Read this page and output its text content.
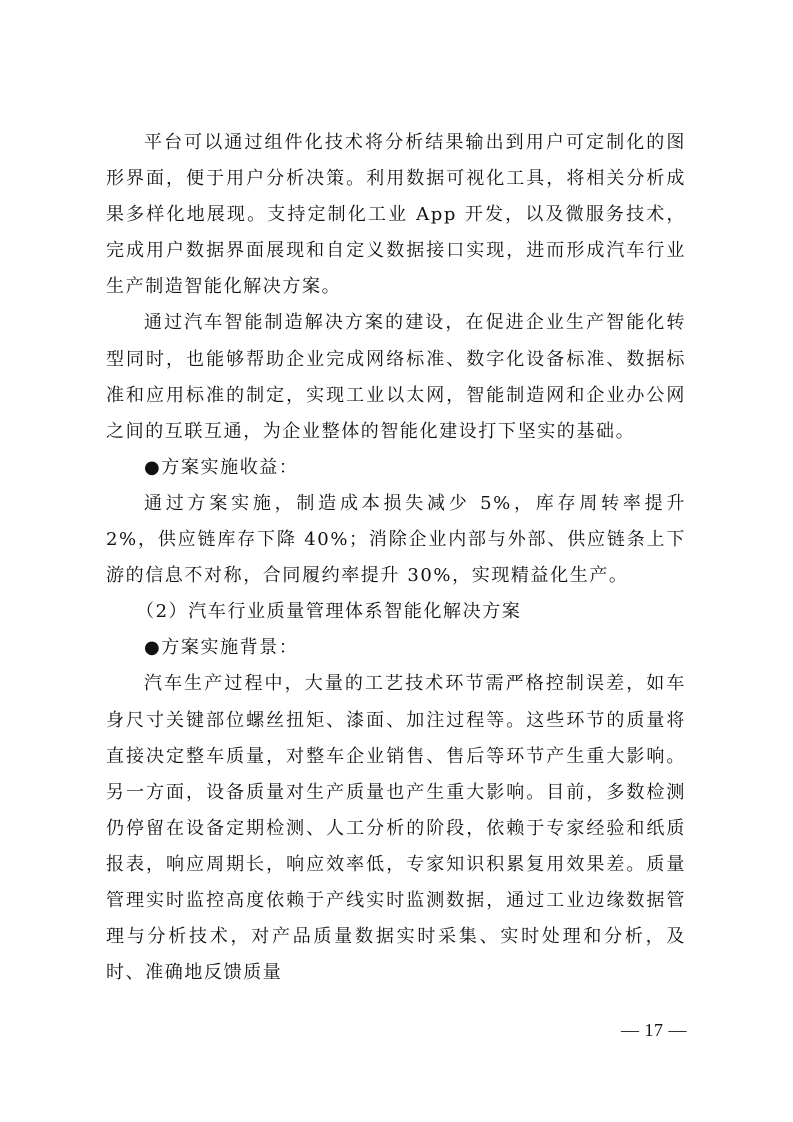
平台可以通过组件化技术将分析结果输出到用户可定制化的图形界面，便于用户分析决策。利用数据可视化工具，将相关分析成果多样化地展现。支持定制化工业 App 开发，以及微服务技术，完成用户数据界面展现和自定义数据接口实现，进而形成汽车行业生产制造智能化解决方案。

通过汽车智能制造解决方案的建设，在促进企业生产智能化转型同时，也能够帮助企业完成网络标准、数字化设备标准、数据标准和应用标准的制定，实现工业以太网，智能制造网和企业办公网之间的互联互通，为企业整体的智能化建设打下坚实的基础。

●方案实施收益：

通过方案实施，制造成本损失减少 5%，库存周转率提升 2%，供应链库存下降 40%；消除企业内部与外部、供应链条上下游的信息不对称，合同履约率提升 30%，实现精益化生产。

（2）汽车行业质量管理体系智能化解决方案

●方案实施背景：

汽车生产过程中，大量的工艺技术环节需严格控制误差，如车身尺寸关键部位螺丝扭矩、漆面、加注过程等。这些环节的质量将直接决定整车质量，对整车企业销售、售后等环节产生重大影响。另一方面，设备质量对生产质量也产生重大影响。目前，多数检测仍停留在设备定期检测、人工分析的阶段，依赖于专家经验和纸质报表，响应周期长，响应效率低，专家知识积累复用效果差。质量管理实时监控高度依赖于产线实时监测数据，通过工业边缘数据管理与分析技术，对产品质量数据实时采集、实时处理和分析，及时、准确地反馈质量

— 17 —
